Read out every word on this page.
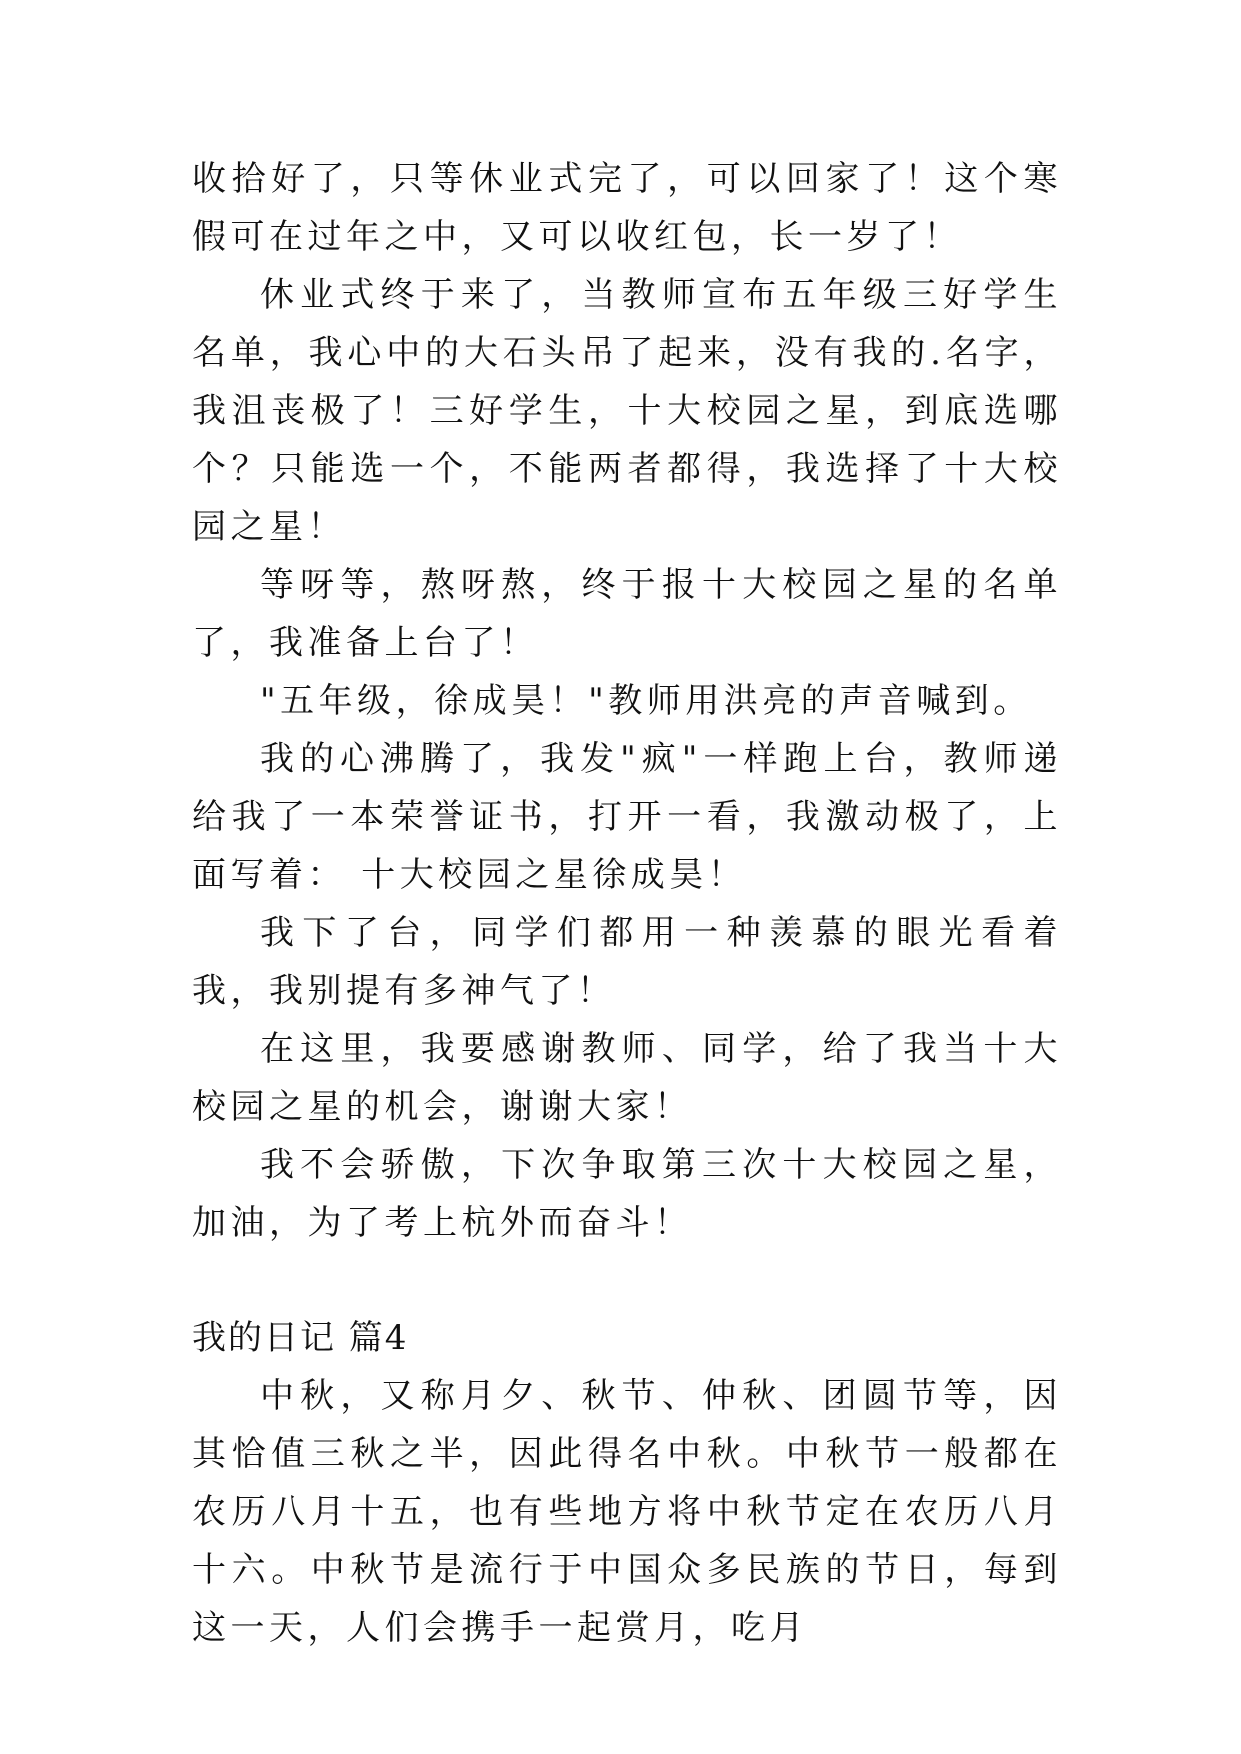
收拾好了，只等休业式完了，可以回家了！这个寒假可在过年之中，又可以收红包，长一岁了！

休业式终于来了，当教师宣布五年级三好学生名单，我心中的大石头吊了起来，没有我的.名字，我沮丧极了！三好学生，十大校园之星，到底选哪个？只能选一个，不能两者都得，我选择了十大校园之星！

等呀等，熬呀熬，终于报十大校园之星的名单了，我准备上台了！

"五年级，徐成昊！"教师用洪亮的声音喊到。

我的心沸腾了，我发"疯"一样跑上台，教师递给我了一本荣誉证书，打开一看，我激动极了，上面写着： 十大校园之星徐成昊！

我下了台，同学们都用一种羡慕的眼光看着我，我别提有多神气了！

在这里，我要感谢教师、同学，给了我当十大校园之星的机会，谢谢大家！

我不会骄傲，下次争取第三次十大校园之星，加油，为了考上杭外而奋斗！

我的日记 篇4

中秋，又称月夕、秋节、仲秋、团圆节等，因其恰值三秋之半，因此得名中秋。中秋节一般都在农历八月十五，也有些地方将中秋节定在农历八月十六。中秋节是流行于中国众多民族的节日，每到这一天，人们会携手一起赏月，吃月
